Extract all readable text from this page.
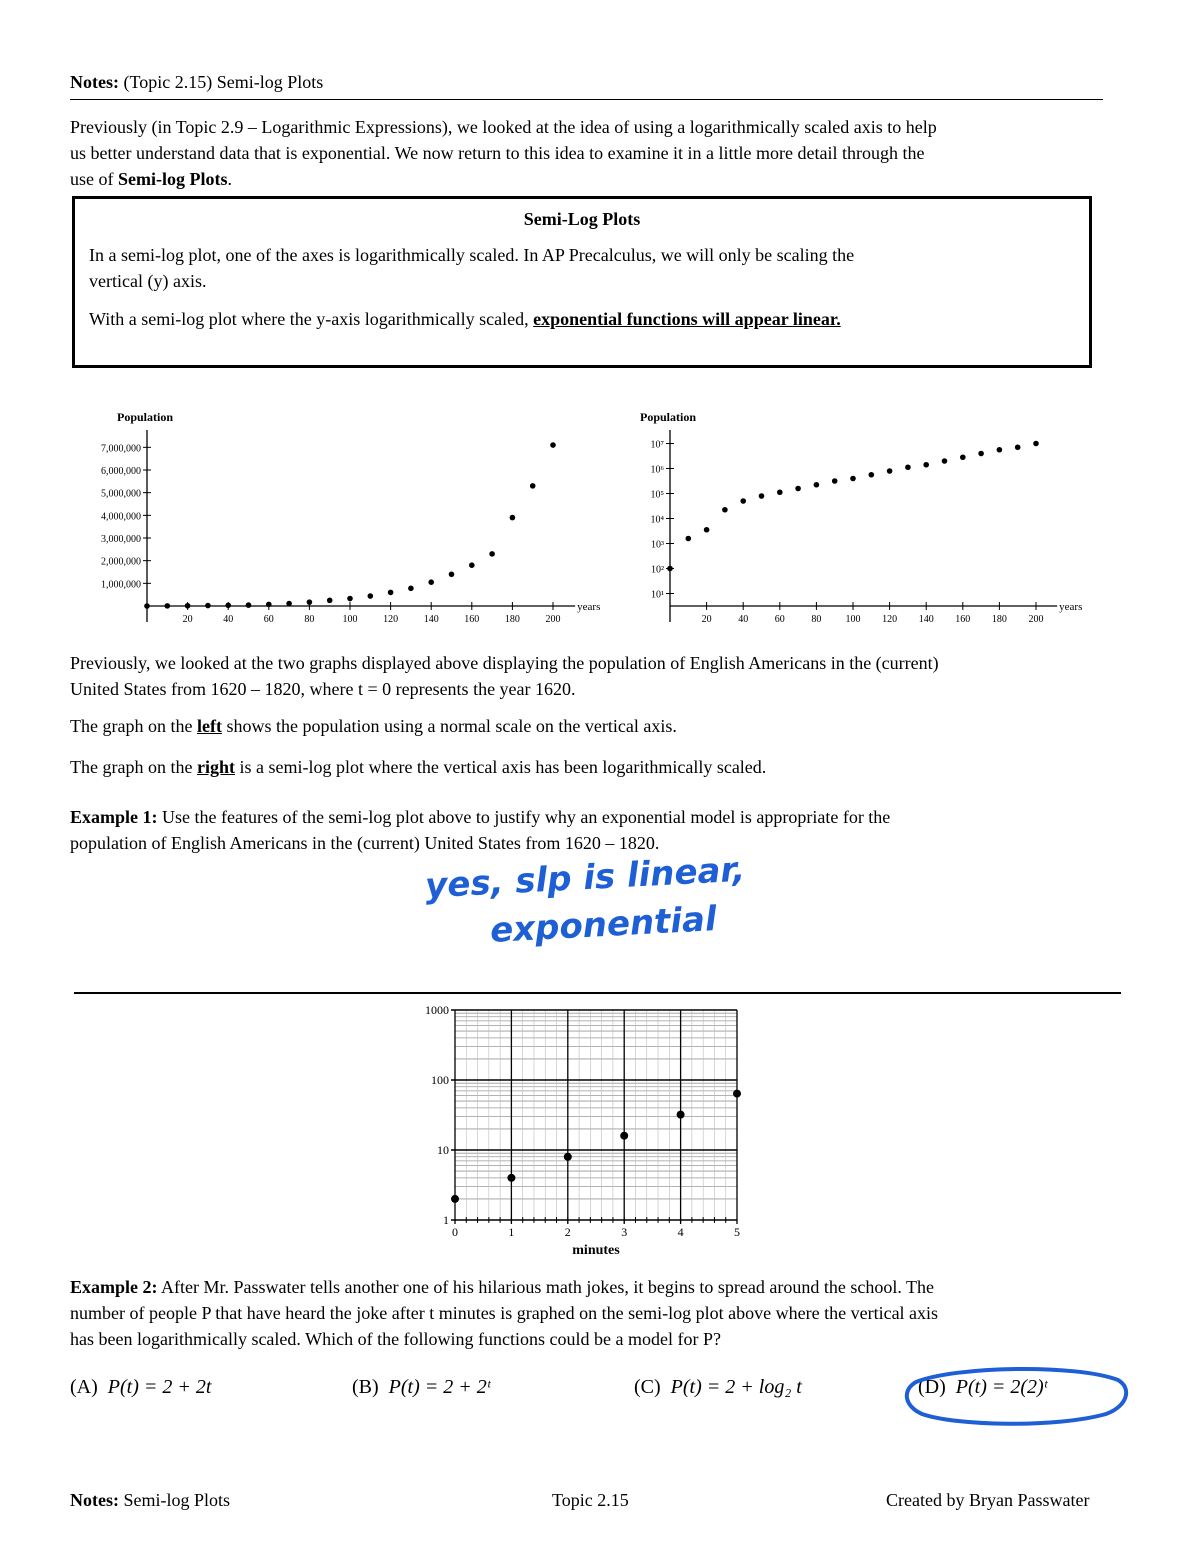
Notes: (Topic 2.15) Semi-log Plots
Previously (in Topic 2.9 – Logarithmic Expressions), we looked at the idea of using a logarithmically scaled axis to help
us better understand data that is exponential. We now return to this idea to examine it in a little more detail through the
use of Semi-log Plots.
Semi-Log Plots
In a semi-log plot, one of the axes is logarithmically scaled. In AP Precalculus, we will only be scaling the
vertical (y) axis.
With a semi-log plot where the y-axis logarithmically scaled, exponential functions will appear linear.
Population
years
20	40	60	80	100	120	140	160	180	200
1,000,000
2,000,000
3,000,000
4,000,000
5,000,000
6,000,000
7,000,000
Population
years
20	40	60	80 100 120 140 160 180 200
10¹
10²
10³
10⁴
10⁵
10⁶
10⁷
Previously, we looked at the two graphs displayed above displaying the population of English Americans in the (current)
United States from 1620 – 1820, where t = 0 represents the year 1620.
The graph on the left shows the population using a normal scale on the vertical axis.
The graph on the right is a semi-log plot where the vertical axis has been logarithmically scaled.
Example 1: Use the features of the semi-log plot above to justify why an exponential model is appropriate for the
population of English Americans in the (current) United States from 1620 – 1820.
yes, slp is linear,
exponential
1
10
100
1000
0	1	2	3	4	5
minutes
Example 2: After Mr. Passwater tells another one of his hilarious math jokes, it begins to spread around the school. The
number of people P that have heard the joke after t minutes is graphed on the semi-log plot above where the vertical axis
has been logarithmically scaled. Which of the following functions could be a model for P?
(A) P(t) = 2 + 2t	(B) P(t) = 2 + 2ᵗ	(C) P(t) = 2 + log₂ t	(D) P(t) = 2(2)ᵗ
Notes: Semi-log Plots	Topic 2.15	Created by Bryan Passwater
